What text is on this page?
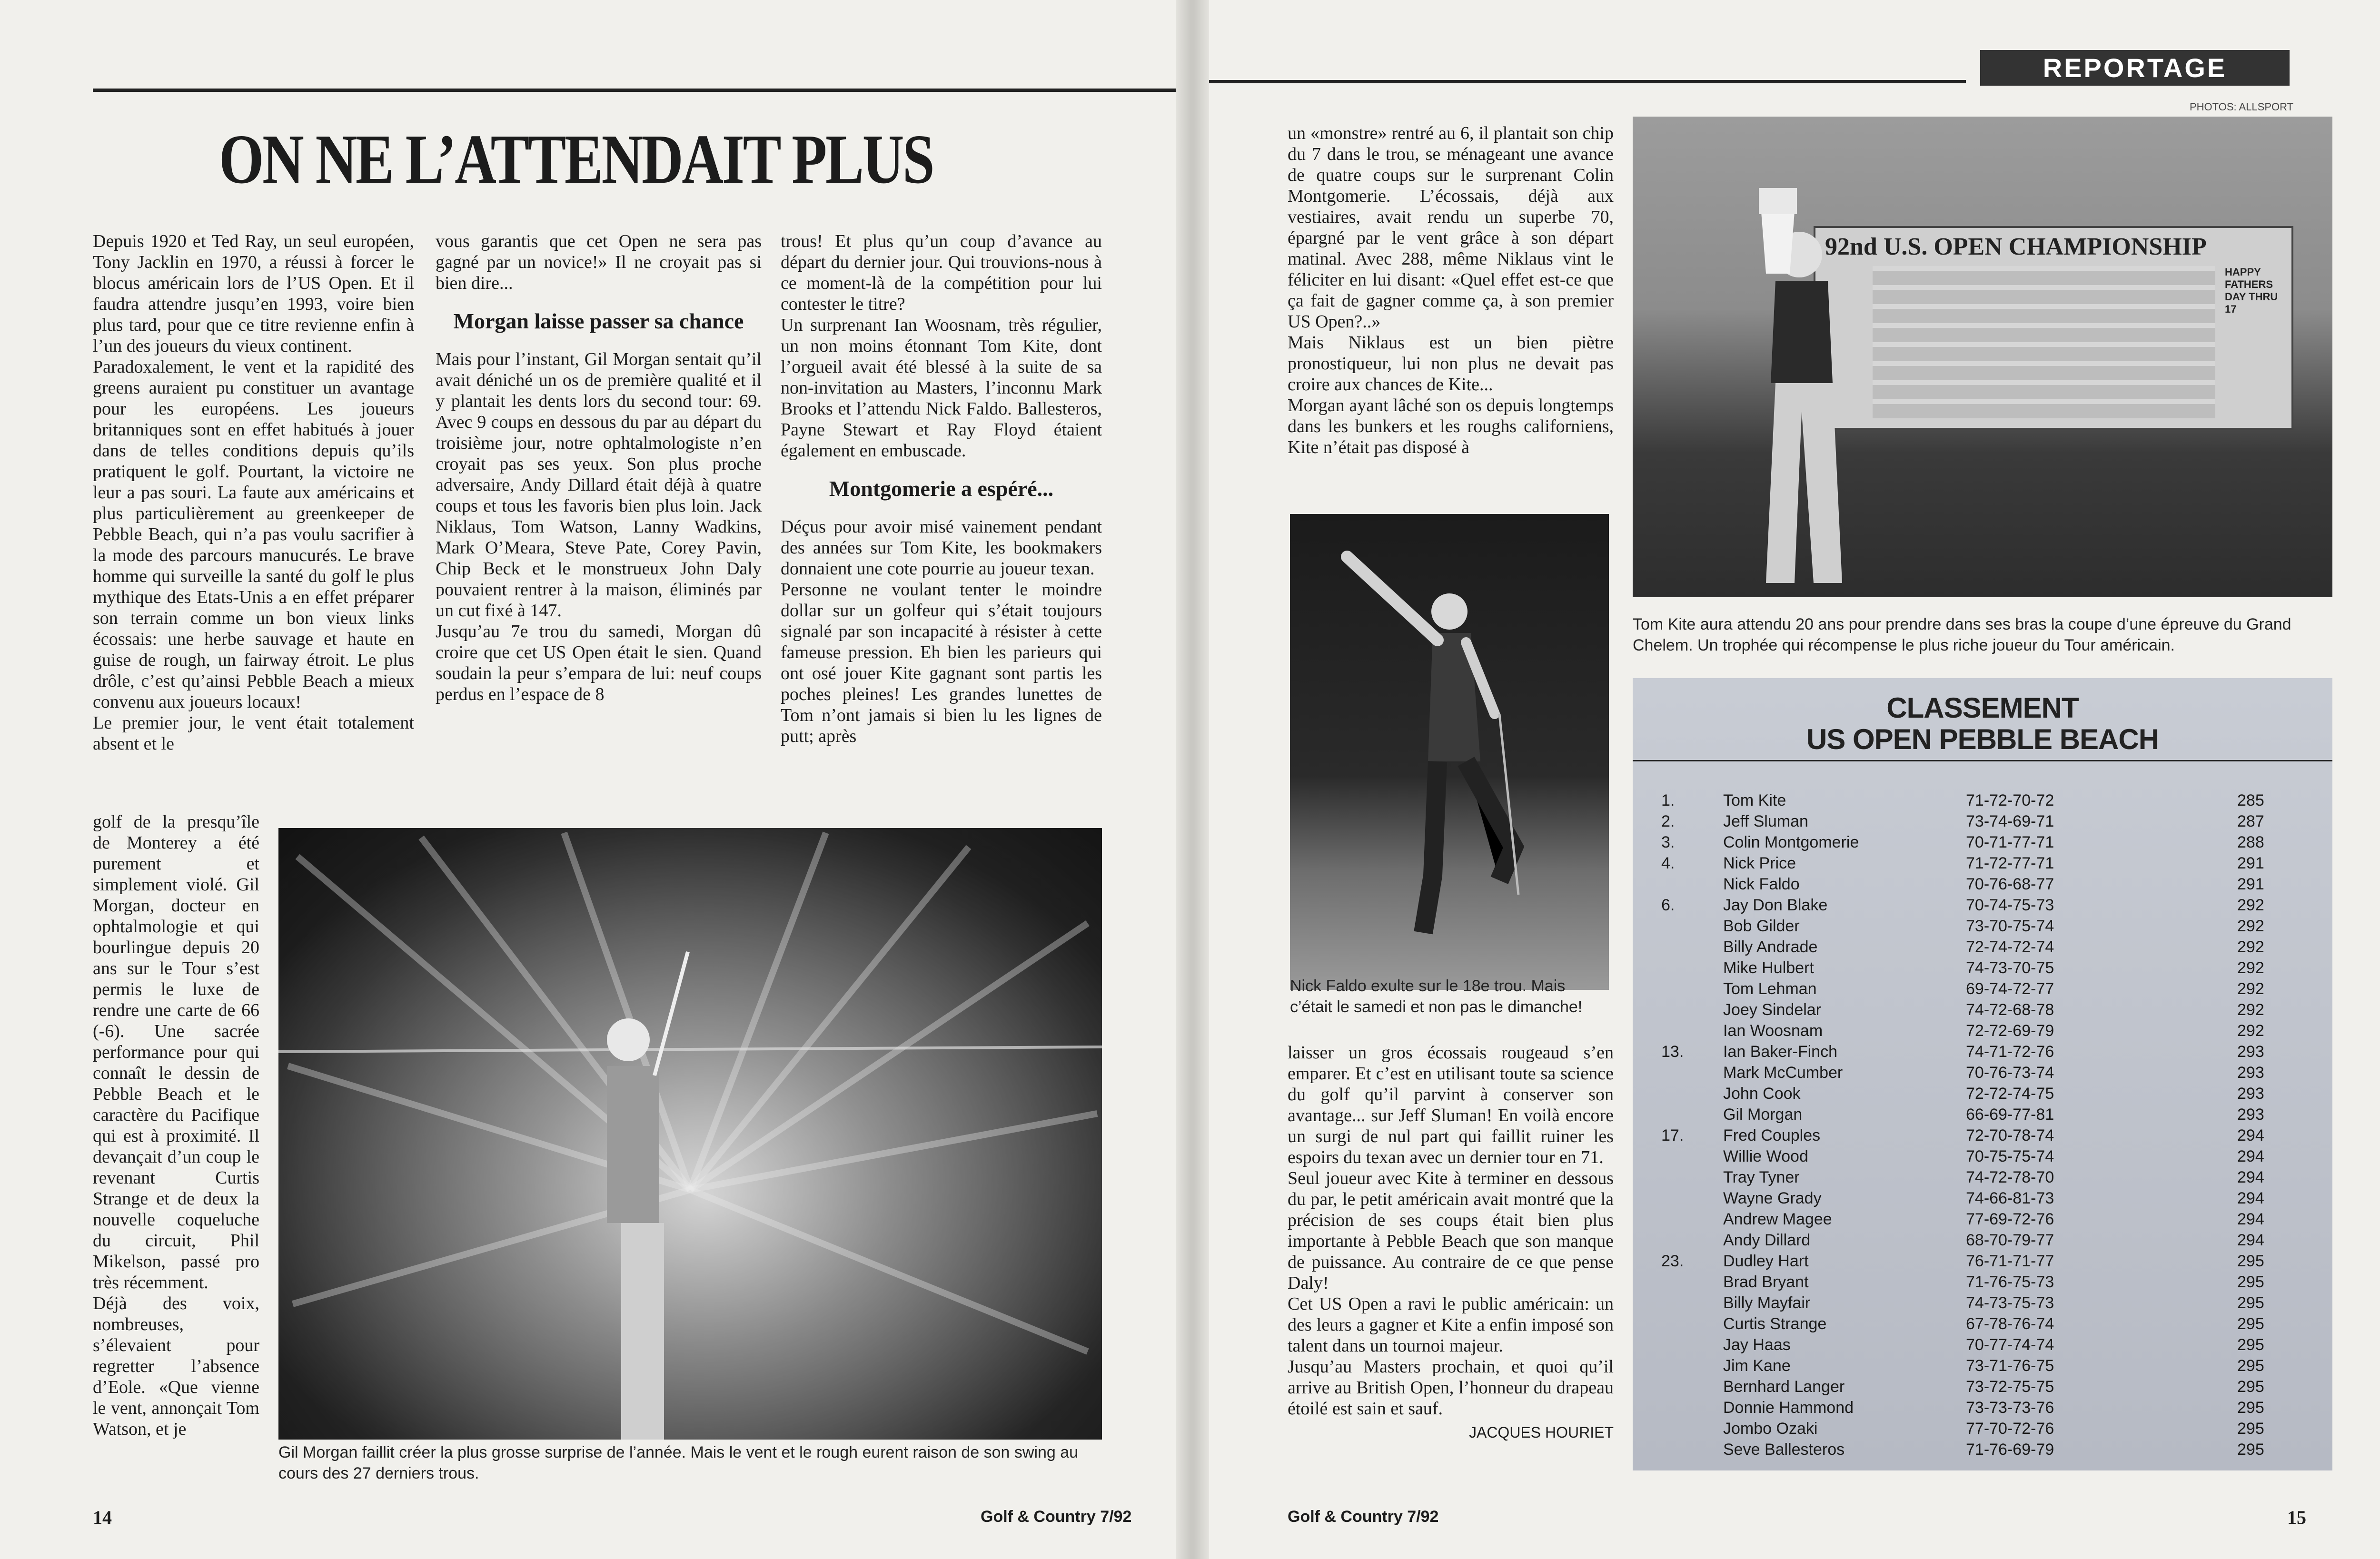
ON NE L’ATTENDAIT PLUS

Depuis 1920 et Ted Ray, un seul européen, Tony Jacklin en 1970, a réussi à forcer le blocus américain lors de l’US Open. Et il faudra attendre jusqu’en 1993, voire bien plus tard, pour que ce titre revienne enfin à l’un des joueurs du vieux continent.

Paradoxalement, le vent et la rapidité des greens auraient pu constituer un avantage pour les européens. Les joueurs britanniques sont en effet habitués à jouer dans de telles conditions depuis qu’ils pratiquent le golf. Pourtant, la victoire ne leur a pas souri. La faute aux américains et plus particulièrement au greenkeeper de Pebble Beach, qui n’a pas voulu sacrifier à la mode des parcours manucurés. Le brave homme qui surveille la santé du golf le plus mythique des Etats-Unis a en effet préparer son terrain comme un bon vieux links écossais: une herbe sauvage et haute en guise de rough, un fairway étroit. Le plus drôle, c’est qu’ainsi Pebble Beach a mieux convenu aux joueurs locaux!

Le premier jour, le vent était totalement absent et le

golf de la presqu’île de Monterey a été purement et simplement violé. Gil Morgan, docteur en ophtalmologie et qui bourlingue depuis 20 ans sur le Tour s’est permis le luxe de rendre une carte de 66 (-6). Une sacrée performance pour qui connaît le dessin de Pebble Beach et le caractère du Pacifique qui est à proximité. Il devançait d’un coup le revenant Curtis Strange et de deux la nouvelle coqueluche du circuit, Phil Mikelson, passé pro très récemment.

Déjà des voix, nombreuses, s’élevaient pour regretter l’absence d’Eole. «Que vienne le vent, annonçait Tom Watson, et je

vous garantis que cet Open ne sera pas gagné par un novice!» Il ne croyait pas si bien dire...

Morgan laisse passer sa chance

Mais pour l’instant, Gil Morgan sentait qu’il avait déniché un os de première qualité et il y plantait les dents lors du second tour: 69. Avec 9 coups en dessous du par au départ du troisième jour, notre ophtalmologiste n’en croyait pas ses yeux. Son plus proche adversaire, Andy Dillard était déjà à quatre coups et tous les favoris bien plus loin. Jack Niklaus, Tom Watson, Lanny Wadkins, Mark O’Meara, Steve Pate, Corey Pavin, Chip Beck et le monstrueux John Daly pouvaient rentrer à la maison, éliminés par un cut fixé à 147.

Jusqu’au 7e trou du samedi, Morgan dû croire que cet US Open était le sien. Quand soudain la peur s’empara de lui: neuf coups perdus en l’espace de 8

trous! Et plus qu’un coup d’avance au départ du dernier jour. Qui trouvions-nous à ce moment-là de la compétition pour lui contester le titre?

Un surprenant Ian Woosnam, très régulier, un non moins étonnant Tom Kite, dont l’orgueil avait été blessé à la suite de sa non-invitation au Masters, l’inconnu Mark Brooks et l’attendu Nick Faldo. Ballesteros, Payne Stewart et Ray Floyd étaient également en embuscade.

Montgomerie a espéré...

Déçus pour avoir misé vainement pendant des années sur Tom Kite, les bookmakers donnaient une cote pourrie au joueur texan.

Personne ne voulant tenter le moindre dollar sur un golfeur qui s’était toujours signalé par son incapacité à résister à cette fameuse pression. Eh bien les parieurs qui ont osé jouer Kite gagnant sont partis les poches pleines! Les grandes lunettes de Tom n’ont jamais si bien lu les lignes de putt; après

Gil Morgan faillit créer la plus grosse surprise de l’année. Mais le vent et le rough eurent raison de son swing au cours des 27 derniers trous.
14	Golf & Country 7/92
REPORTAGE
PHOTOS: ALLSPORT

un «monstre» rentré au 6, il plantait son chip du 7 dans le trou, se ménageant une avance de quatre coups sur le surprenant Colin Montgomerie. L’écossais, déjà aux vestiaires, avait rendu un superbe 70, épargné par le vent grâce à son départ matinal. Avec 288, même Niklaus vint le féliciter en lui disant: «Quel effet est-ce que ça fait de gagner comme ça, à son premier US Open?..»

Mais Niklaus est un bien piètre pronostiqueur, lui non plus ne devait pas croire aux chances de Kite...

Morgan ayant lâché son os depuis longtemps dans les bunkers et les roughs californiens, Kite n’était pas disposé à

Nick Faldo exulte sur le 18e trou. Mais c’était le samedi et non pas le dimanche!

laisser un gros écossais rougeaud s’en emparer. Et c’est en utilisant toute sa science du golf qu’il parvint à conserver son avantage... sur Jeff Sluman! En voilà encore un surgi de nul part qui faillit ruiner les espoirs du texan avec un dernier tour en 71.

Seul joueur avec Kite à terminer en dessous du par, le petit américain avait montré que la précision de ses coups était bien plus importante à Pebble Beach que son manque de puissance. Au contraire de ce que pense Daly!

Cet US Open a ravi le public américain: un des leurs a gagner et Kite a enfin imposé son talent dans un tournoi majeur.

Jusqu’au Masters prochain, et quoi qu’il arrive au British Open, l’honneur du drapeau étoilé est sain et sauf.

JACQUES HOURIET

92nd U.S. OPEN CHAMPIONSHIP
HAPPY FATHERS DAY THRU 17
Tom Kite aura attendu 20 ans pour prendre dans ses bras la coupe d’une épreuve du Grand Chelem. Un trophée qui récompense le plus riche joueur du Tour américain.
CLASSEMENT
US OPEN PEBBLE BEACH
1.	Tom Kite	71-72-70-72	285
2.	Jeff Sluman	73-74-69-71	287
3.	Colin Montgomerie	70-71-77-71	288
4.	Nick Price	71-72-77-71	291
Nick Faldo	70-76-68-77	291
6.	Jay Don Blake	70-74-75-73	292
Bob Gilder	73-70-75-74	292
Billy Andrade	72-74-72-74	292
Mike Hulbert	74-73-70-75	292
Tom Lehman	69-74-72-77	292
Joey Sindelar	74-72-68-78	292
Ian Woosnam	72-72-69-79	292
13. Ian Baker-Finch	74-71-72-76	293
Mark McCumber	70-76-73-74	293
John Cook	72-72-74-75	293
Gil Morgan	66-69-77-81	293
17. Fred Couples	72-70-78-74	294
Willie Wood	70-75-75-74	294
Tray Tyner	74-72-78-70	294
Wayne Grady	74-66-81-73	294
Andrew Magee	77-69-72-76	294
Andy Dillard	68-70-79-77	294
23. Dudley Hart	76-71-71-77	295
Brad Bryant	71-76-75-73	295
Billy Mayfair	74-73-75-73	295
Curtis Strange	67-78-76-74	295
Jay Haas	70-77-74-74	295
Jim Kane	73-71-76-75	295
Bernhard Langer	73-72-75-75	295
Donnie Hammond	73-73-73-76	295
Jombo Ozaki	77-70-72-76	295
Seve Ballesteros	71-76-69-79	295
Golf & Country 7/92	15
